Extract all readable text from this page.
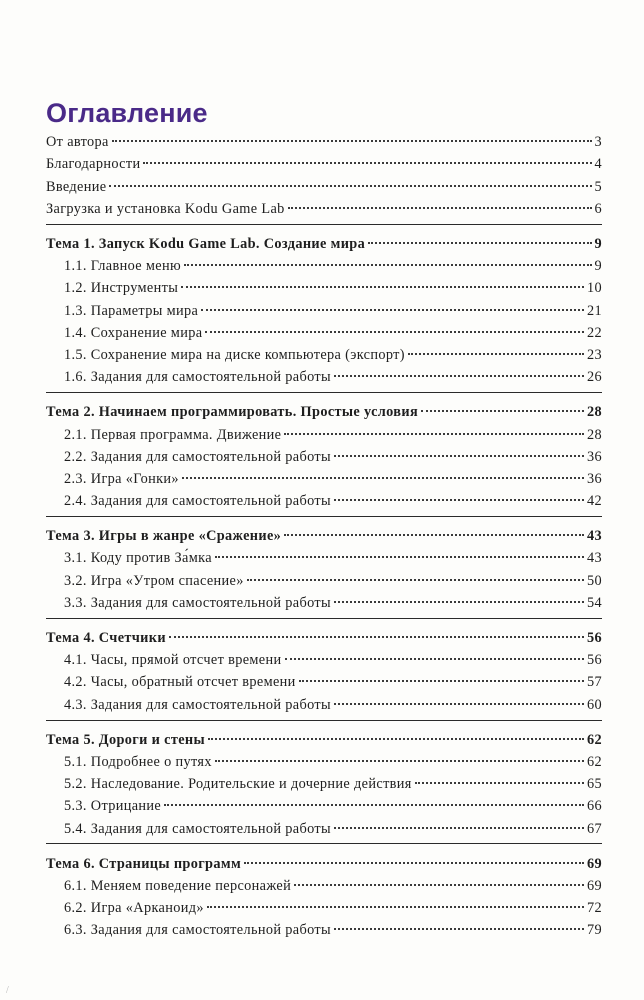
Оглавление
От автора	3
Благодарности	4
Введение	5
Загрузка и установка Kodu Game Lab	6
Тема 1. Запуск Kodu Game Lab. Создание мира	9
1.1. Главное меню	9
1.2. Инструменты	10
1.3. Параметры мира	21
1.4. Сохранение мира	22
1.5. Сохранение мира на диске компьютера (экспорт)	23
1.6. Задания для самостоятельной работы	26
Тема 2. Начинаем программировать. Простые условия	28
2.1. Первая программа. Движение	28
2.2. Задания для самостоятельной работы	36
2.3. Игра «Гонки»	36
2.4. Задания для самостоятельной работы	42
Тема 3. Игры в жанре «Сражение»	43
3.1. Коду против За́мка	43
3.2. Игра «Утром спасение»	50
3.3. Задания для самостоятельной работы	54
Тема 4. Счетчики	56
4.1. Часы, прямой отсчет времени	56
4.2. Часы, обратный отсчет времени	57
4.3. Задания для самостоятельной работы	60
Тема 5. Дороги и стены	62
5.1. Подробнее о путях	62
5.2. Наследование. Родительские и дочерние действия	65
5.3. Отрицание	66
5.4. Задания для самостоятельной работы	67
Тема 6. Страницы программ	69
6.1. Меняем поведение персонажей	69
6.2. Игра «Арканоид»	72
6.3. Задания для самостоятельной работы	79
/
